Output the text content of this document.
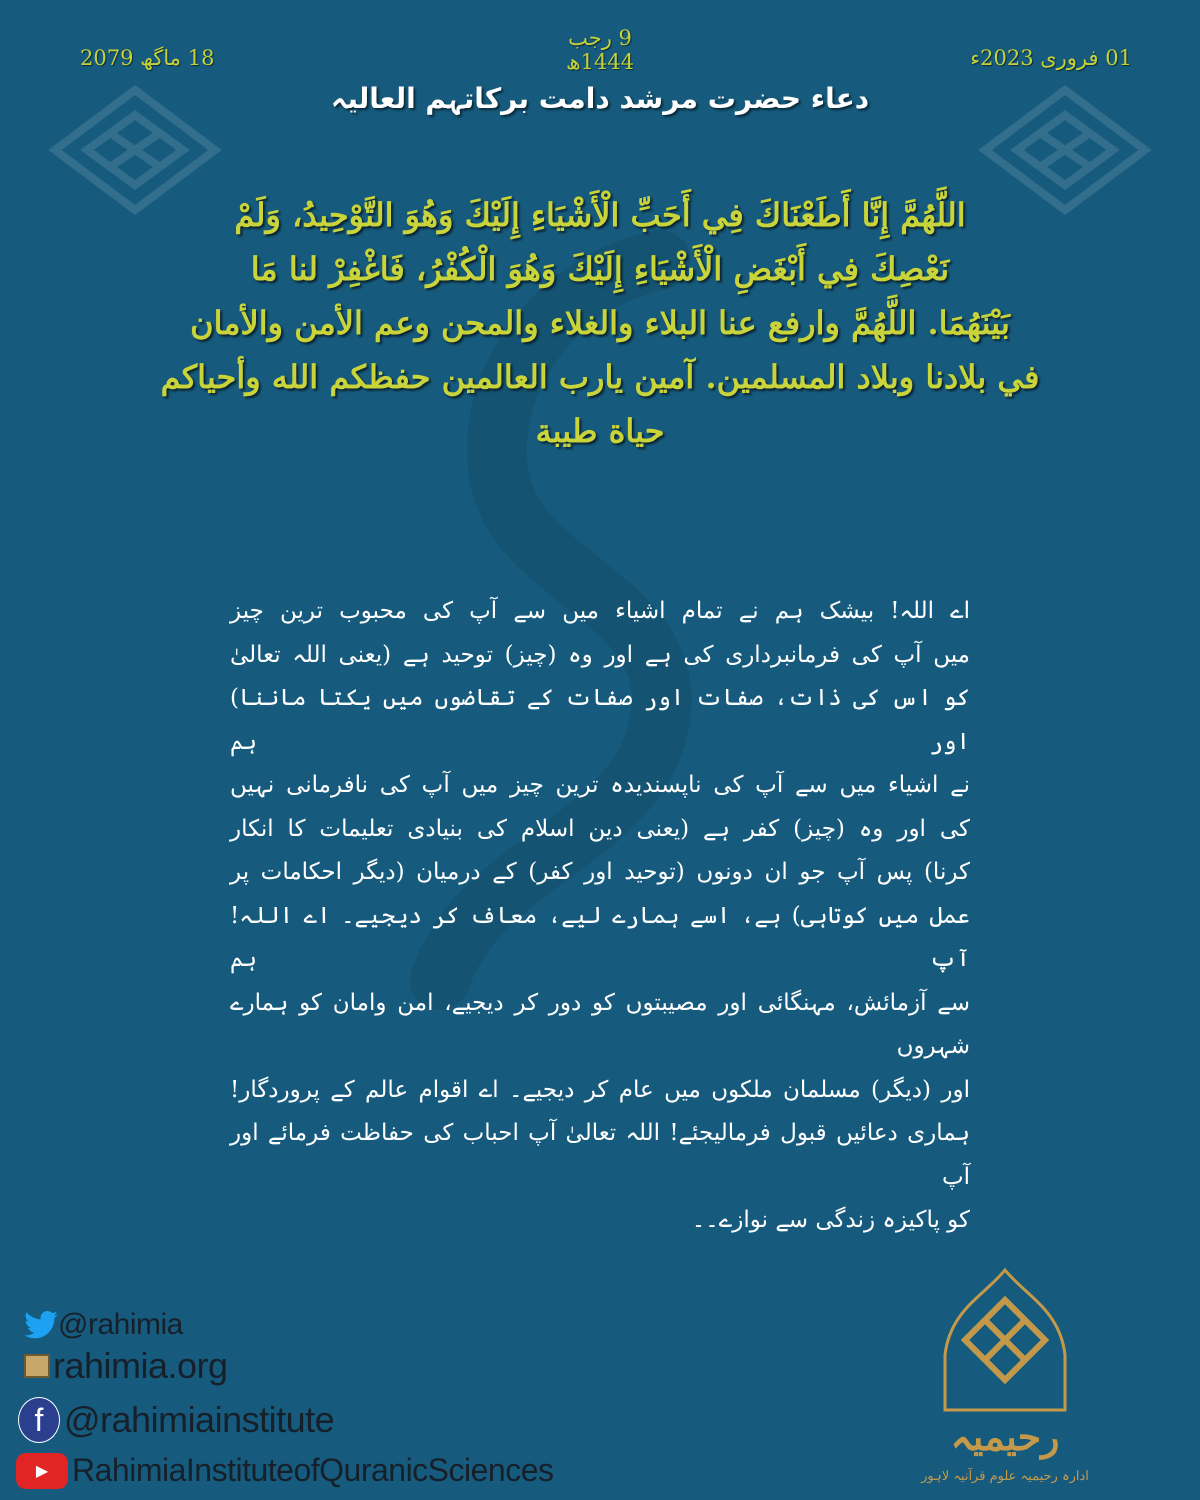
9 رجب 1444ھ
18 ماگھ 2079	01 فروری 2023ء
دعاء حضرت مرشد دامت برکاتہم العالیہ
اللَّهُمَّ إِنَّا أَطَعْنَاكَ فِي أَحَبِّ الْأَشْيَاءِ إِلَيْكَ وَهُوَ التَّوْحِيدُ، وَلَمْ
نَعْصِكَ فِي أَبْغَضِ الْأَشْيَاءِ إِلَيْكَ وَهُوَ الْكُفْرُ، فَاغْفِرْ لنا مَا
بَيْنَهُمَا. اللَّهُمَّ وارفع عنا البلاء والغلاء والمحن وعم الأمن والأمان
في بلادنا وبلاد المسلمين. آمين يارب العالمين حفظكم الله وأحياكم
حياة طيبة
اے اللہ! بیشک ہم نے تمام اشیاء میں سے آپ کی محبوب ترین چیز
میں آپ کی فرمانبرداری کی ہے اور وہ (چیز) توحید ہے (یعنی اللہ تعالیٰ
کو اس کی ذات، صفات اور صفات کے تقاضوں میں یکتا ماننا) اور ہم
نے اشیاء میں سے آپ کی ناپسندیدہ ترین چیز میں آپ کی نافرمانی نہیں
کی اور وہ (چیز) کفر ہے (یعنی دین اسلام کی بنیادی تعلیمات کا انکار
کرنا) پس آپ جو ان دونوں (توحید اور کفر) کے درمیان (دیگر احکامات پر
عمل میں کوتاہی) ہے، اسے ہمارے لیے، معاف کر دیجیے۔ اے اللہ! آپ ہم
سے آزمائش، مہنگائی اور مصیبتوں کو دور کر دیجیے، امن وامان کو ہمارے شہروں
اور (دیگر) مسلمان ملکوں میں عام کر دیجیے۔ اے اقوام عالم کے پروردگار!
ہماری دعائیں قبول فرمالیجئے! اللہ تعالیٰ آپ احباب کی حفاظت فرمائے اور آپ
کو پاکیزہ زندگی سے نوازے۔۔
@rahimia
rahimia.org
f @rahimiainstitute
▶ RahimiaInstituteofQuranicSciences
رحیمیہ
ادارہ رحیمیہ علوم قرآنیہ لاہور
